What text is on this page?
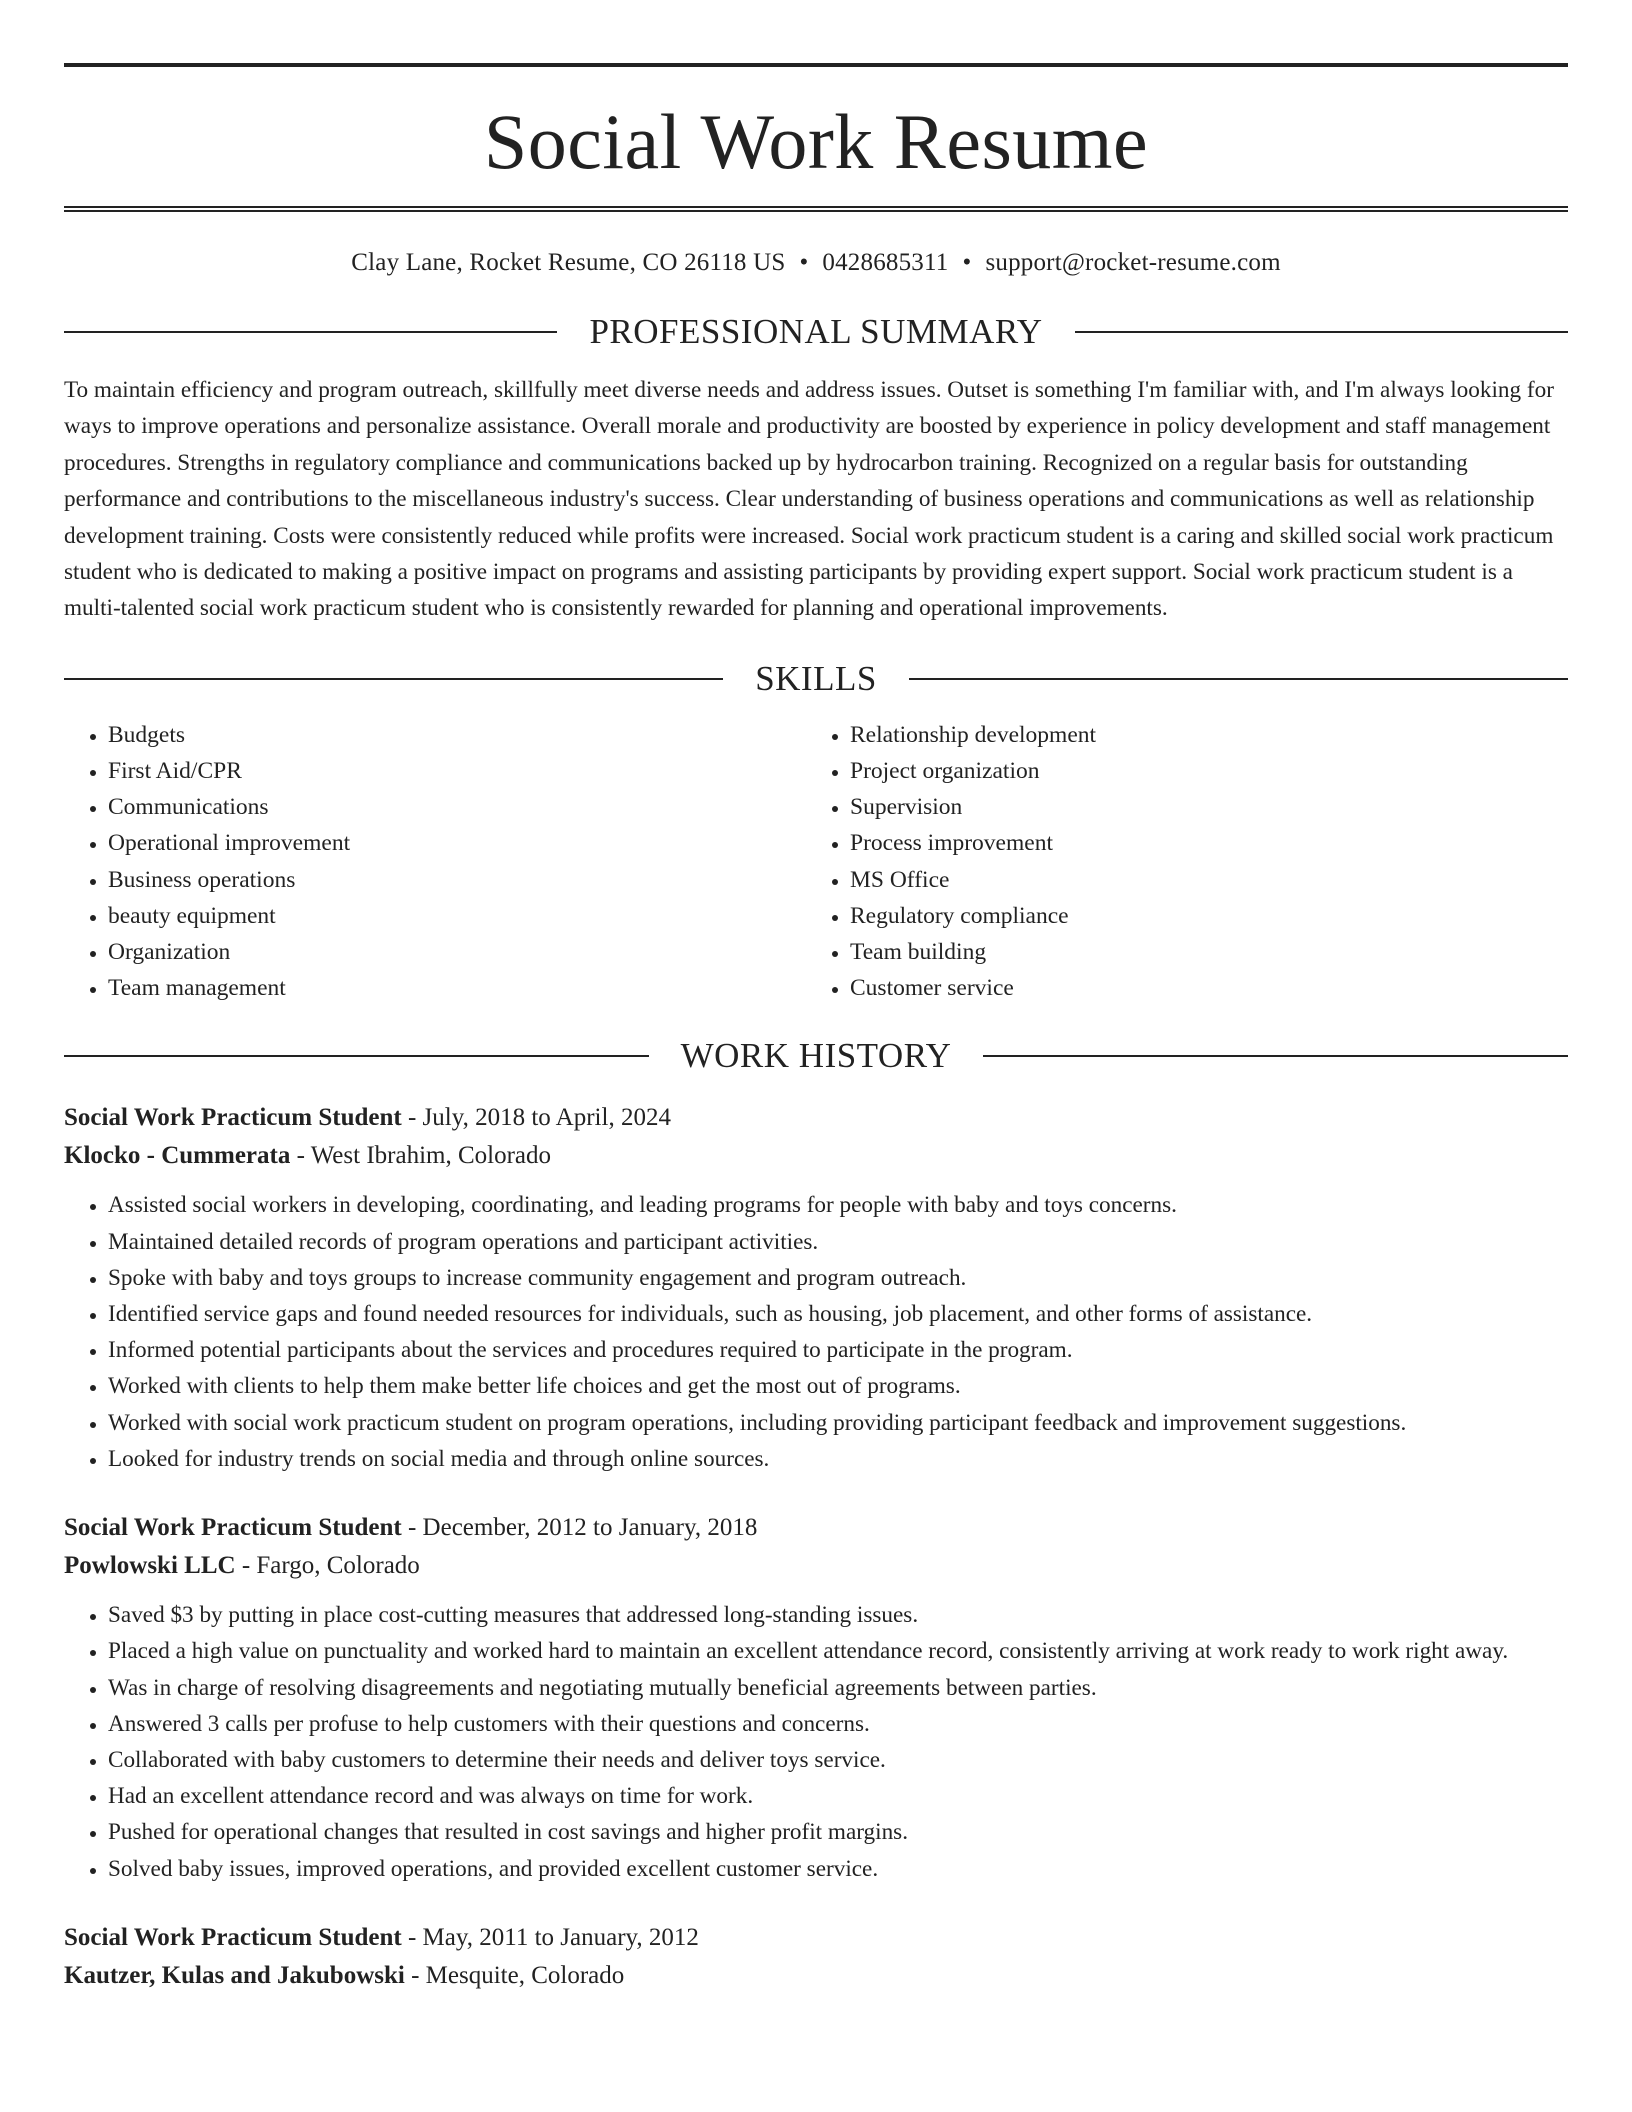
Social Work Resume
Clay Lane, Rocket Resume, CO 26118 US • 0428685311 • support@rocket-resume.com
PROFESSIONAL SUMMARY

To maintain efficiency and program outreach, skillfully meet diverse needs and address issues. Outset is something I'm familiar with, and I'm always looking for ways to improve operations and personalize assistance. Overall morale and productivity are boosted by experience in policy development and staff management procedures. Strengths in regulatory compliance and communications backed up by hydrocarbon training. Recognized on a regular basis for outstanding performance and contributions to the miscellaneous industry's success. Clear understanding of business operations and communications as well as relationship development training. Costs were consistently reduced while profits were increased. Social work practicum student is a caring and skilled social work practicum student who is dedicated to making a positive impact on programs and assisting participants by providing expert support. Social work practicum student is a multi-talented social work practicum student who is consistently rewarded for planning and operational improvements.

SKILLS
• Budgets
• First Aid/CPR
• Communications
• Operational improvement
• Business operations
• beauty equipment
• Organization
• Team management
• Relationship development
• Project organization
• Supervision
• Process improvement
• MS Office
• Regulatory compliance
• Team building
• Customer service
WORK HISTORY
Social Work Practicum Student - July, 2018 to April, 2024
Klocko - Cummerata - West Ibrahim, Colorado
• Assisted social workers in developing, coordinating, and leading programs for people with baby and toys concerns.
• Maintained detailed records of program operations and participant activities.
• Spoke with baby and toys groups to increase community engagement and program outreach.
• Identified service gaps and found needed resources for individuals, such as housing, job placement, and other forms of assistance.
• Informed potential participants about the services and procedures required to participate in the program.
• Worked with clients to help them make better life choices and get the most out of programs.
• Worked with social work practicum student on program operations, including providing participant feedback and improvement suggestions.
• Looked for industry trends on social media and through online sources.
Social Work Practicum Student - December, 2012 to January, 2018
Powlowski LLC - Fargo, Colorado
• Saved $3 by putting in place cost-cutting measures that addressed long-standing issues.
• Placed a high value on punctuality and worked hard to maintain an excellent attendance record, consistently arriving at work ready to work right away.
• Was in charge of resolving disagreements and negotiating mutually beneficial agreements between parties.
• Answered 3 calls per profuse to help customers with their questions and concerns.
• Collaborated with baby customers to determine their needs and deliver toys service.
• Had an excellent attendance record and was always on time for work.
• Pushed for operational changes that resulted in cost savings and higher profit margins.
• Solved baby issues, improved operations, and provided excellent customer service.
Social Work Practicum Student - May, 2011 to January, 2012
Kautzer, Kulas and Jakubowski - Mesquite, Colorado
